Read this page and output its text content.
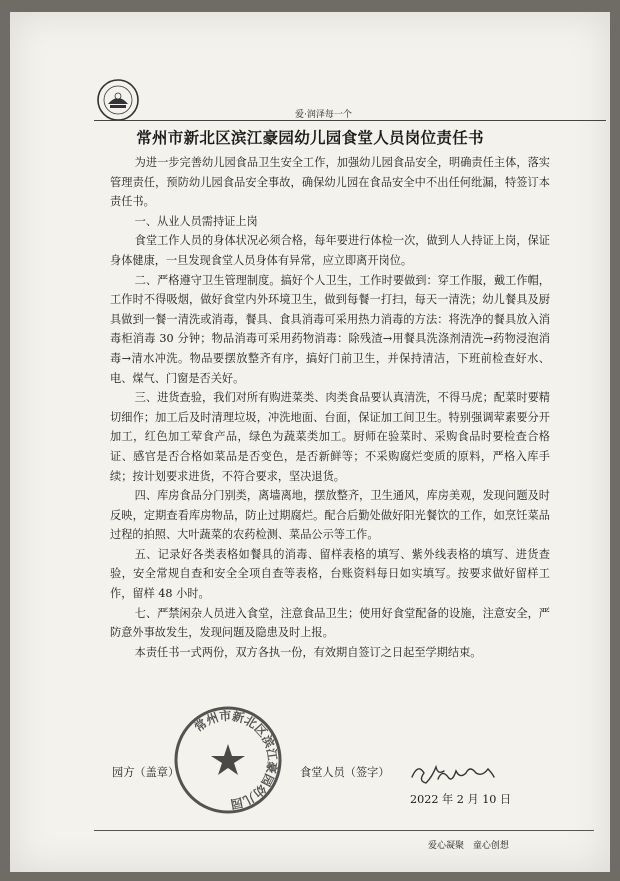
爱·润泽每一个
常州市新北区滨江豪园幼儿园食堂人员岗位责任书

为进一步完善幼儿园食品卫生安全工作，加强幼儿园食品安全，明确责任主体，落实管理责任，预防幼儿园食品安全事故，确保幼儿园在食品安全中不出任何纰漏，特签订本责任书。

一、从业人员需持证上岗

食堂工作人员的身体状况必须合格，每年要进行体检一次，做到人人持证上岗，保证身体健康，一旦发现食堂人员身体有异常，应立即离开岗位。

二、严格遵守卫生管理制度。搞好个人卫生，工作时要做到：穿工作服，戴工作帽，工作时不得吸烟，做好食堂内外环境卫生，做到每餐一打扫，每天一清洗；幼儿餐具及厨具做到一餐一清洗或消毒，餐具、食具消毒可采用热力消毒的方法：将洗净的餐具放入消毒柜消毒 30 分钟；物品消毒可采用药物消毒：除残渣→用餐具洗涤剂清洗→药物浸泡消毒→清水冲洗。物品要摆放整齐有序，搞好门前卫生，并保持清洁，下班前检查好水、电、煤气、门窗是否关好。

三、进货查验，我们对所有购进菜类、肉类食品要认真清洗，不得马虎；配菜时要精切细作；加工后及时清理垃圾，冲洗地面、台面，保证加工间卫生。特别强调荤素要分开加工，红色加工荤食产品，绿色为蔬菜类加工。厨师在验菜时、采购食品时要检查合格证、感官是否合格如菜品是否变色，是否新鲜等；不采购腐烂变质的原料，严格入库手续；按计划要求进货，不符合要求，坚决退货。

四、库房食品分门别类，离墙离地，摆放整齐，卫生通风，库房美观，发现问题及时反映，定期查看库房物品，防止过期腐烂。配合后勤处做好阳光餐饮的工作，如烹饪菜品过程的拍照、大叶蔬菜的农药检测、菜品公示等工作。

五、记录好各类表格如餐具的消毒、留样表格的填写、紫外线表格的填写、进货查验，安全常规自查和安全全项自查等表格，台账资料每日如实填写。按要求做好留样工作，留样 48 小时。

七、严禁闲杂人员进入食堂，注意食品卫生；使用好食堂配备的设施，注意安全，严防意外事故发生，发现问题及隐患及时上报。

本责任书一式两份，双方各执一份，有效期自签订之日起至学期结束。

园方（盖章）	食堂人员（签字）
2022 年 2 月 10 日
常州市新北区滨江豪园幼儿园
爱心凝聚 童心创想
